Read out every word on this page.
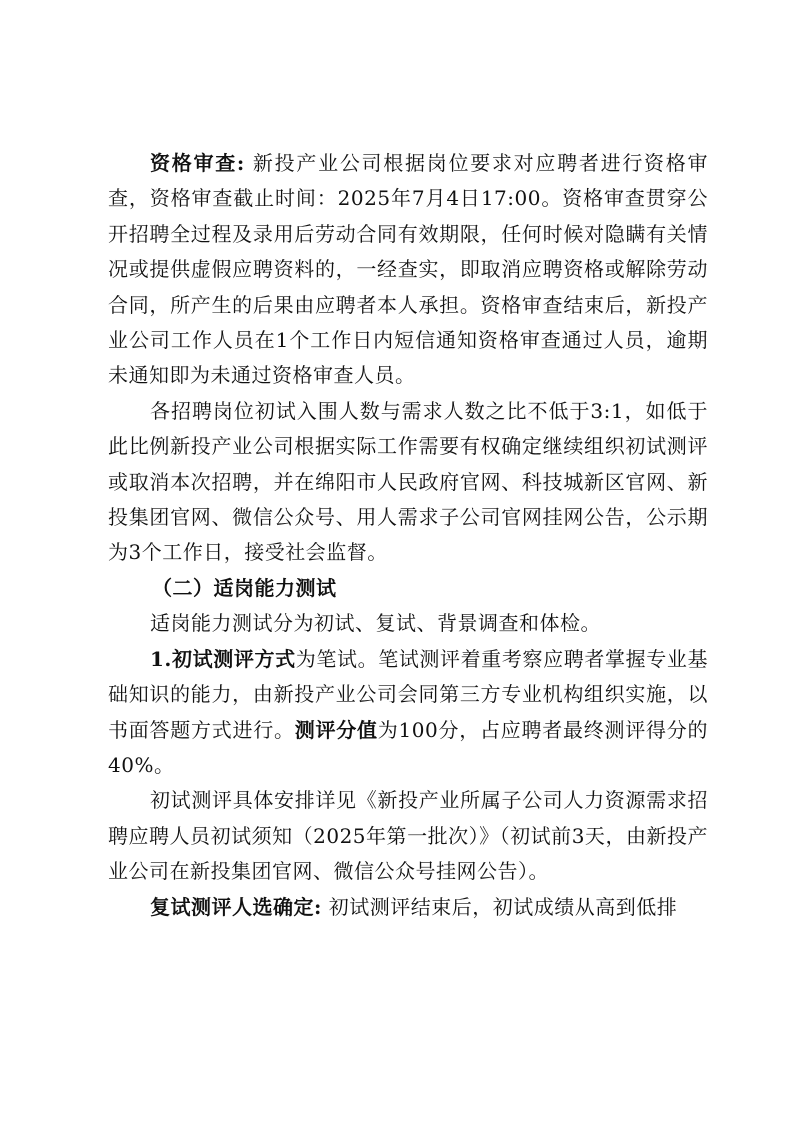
资格审查: 新投产业公司根据岗位要求对应聘者进行资格审查，资格审查截止时间：2025年7月4日17:00。资格审查贯穿公开招聘全过程及录用后劳动合同有效期限，任何时候对隐瞒有关情况或提供虚假应聘资料的，一经查实，即取消应聘资格或解除劳动合同，所产生的后果由应聘者本人承担。资格审查结束后，新投产业公司工作人员在1个工作日内短信通知资格审查通过人员，逾期未通知即为未通过资格审查人员。

各招聘岗位初试入围人数与需求人数之比不低于3:1，如低于此比例新投产业公司根据实际工作需要有权确定继续组织初试测评或取消本次招聘，并在绵阳市人民政府官网、科技城新区官网、新投集团官网、微信公众号、用人需求子公司官网挂网公告，公示期为3个工作日，接受社会监督。

（二）适岗能力测试

适岗能力测试分为初试、复试、背景调查和体检。

1.初试测评方式为笔试。笔试测评着重考察应聘者掌握专业基础知识的能力，由新投产业公司会同第三方专业机构组织实施，以书面答题方式进行。测评分值为100分，占应聘者最终测评得分的40%。

初试测评具体安排详见《新投产业所属子公司人力资源需求招聘应聘人员初试须知（2025年第一批次）》（初试前3天，由新投产业公司在新投集团官网、微信公众号挂网公告）。

复试测评人选确定: 初试测评结束后，初试成绩从高到低排
